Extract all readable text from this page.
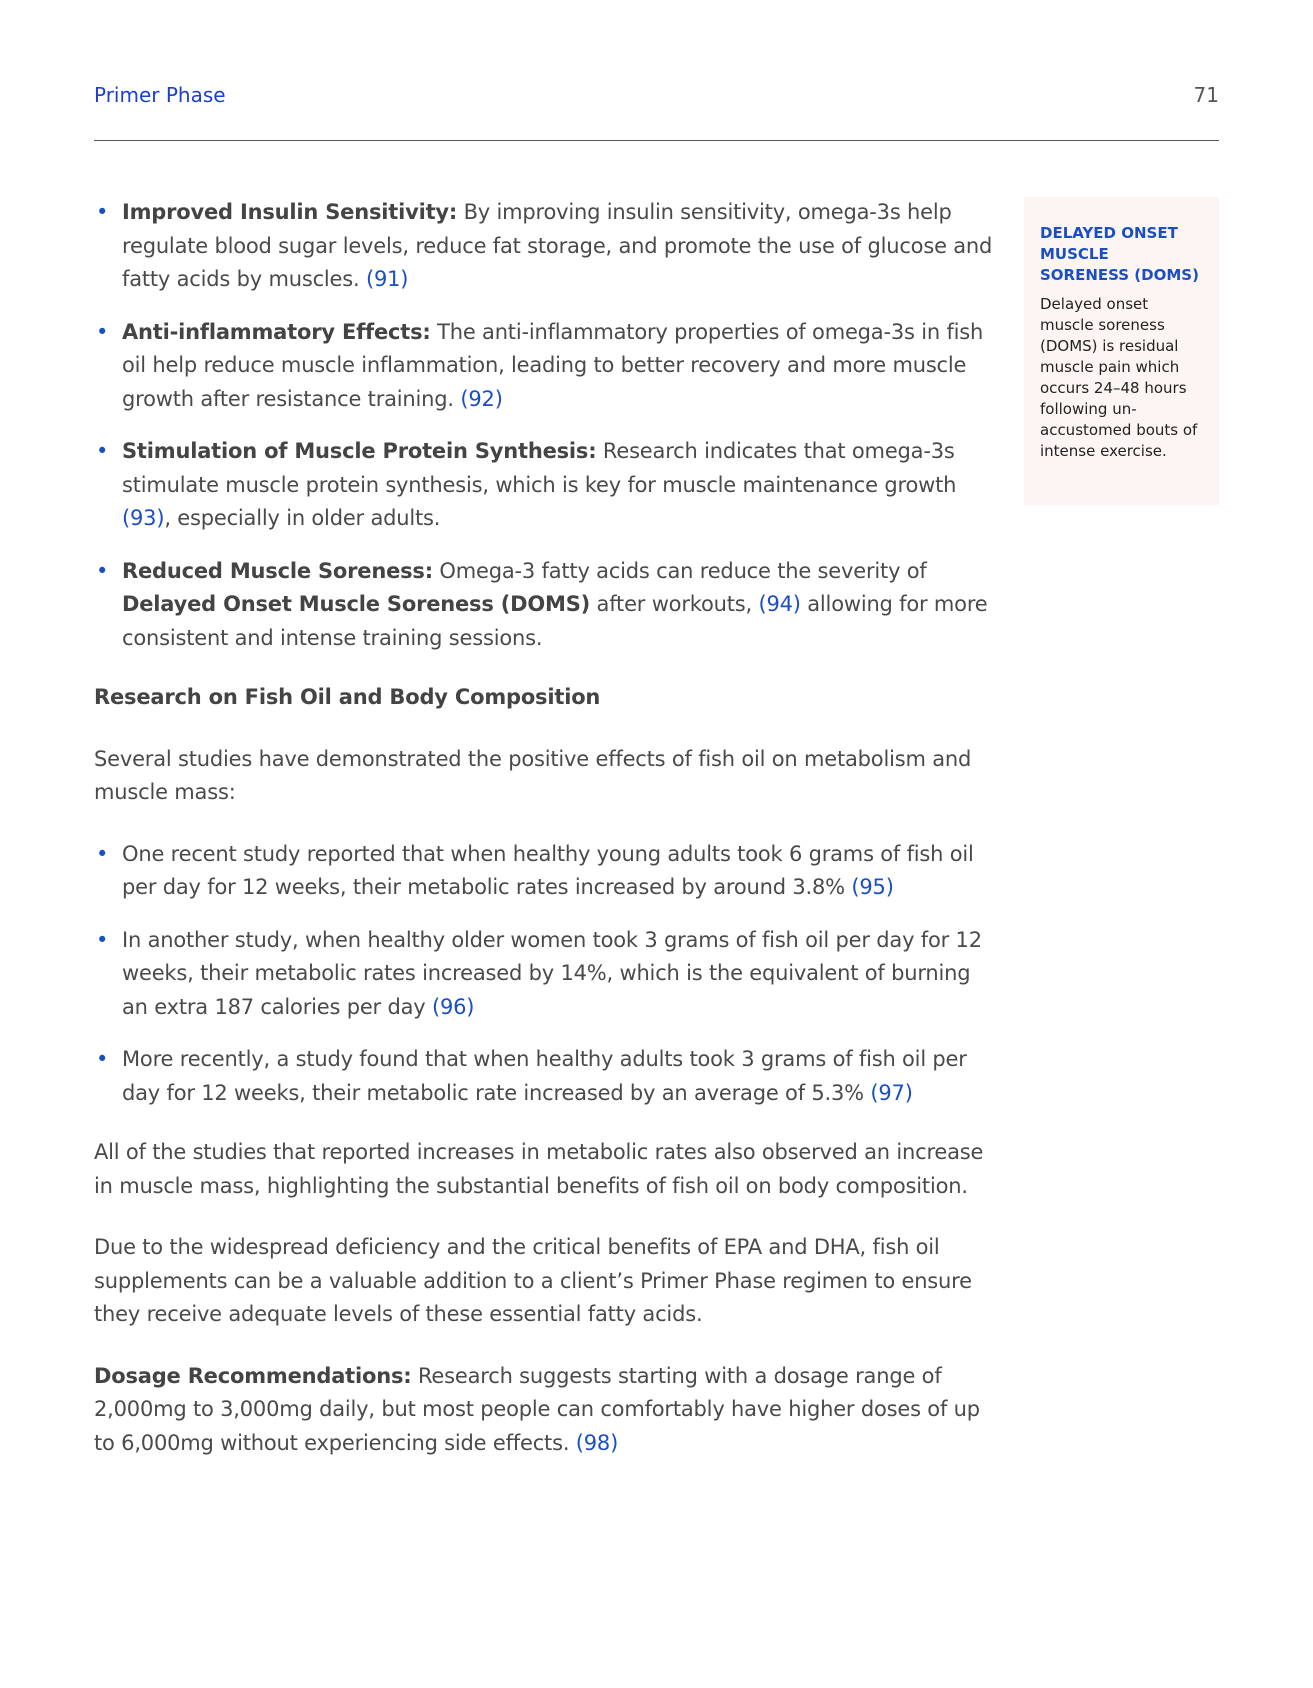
Primer Phase	71
• Improved Insulin Sensitivity: By improving insulin sensitivity, omega-3s help regulate blood sugar levels, reduce fat storage, and promote the use of glucose and fatty acids by muscles. (91)
• Anti-inflammatory Effects: The anti-inflammatory properties of omega-3s in fish oil help reduce muscle inflammation, leading to better recovery and more muscle growth after resistance training. (92)
• Stimulation of Muscle Protein Synthesis: Research indicates that omega-3s stimulate muscle protein synthesis, which is key for muscle maintenance growth (93), especially in older adults.
• Reduced Muscle Soreness: Omega-3 fatty acids can reduce the severity of Delayed Onset Muscle Soreness (DOMS) after workouts, (94) allowing for more consistent and intense training sessions.
Research on Fish Oil and Body Composition

Several studies have demonstrated the positive effects of fish oil on metabolism and muscle mass:

• One recent study reported that when healthy young adults took 6 grams of fish oil per day for 12 weeks, their metabolic rates increased by around 3.8% (95)
• In another study, when healthy older women took 3 grams of fish oil per day for 12 weeks, their metabolic rates increased by 14%, which is the equivalent of burning an extra 187 calories per day (96)
• More recently, a study found that when healthy adults took 3 grams of fish oil per day for 12 weeks, their metabolic rate increased by an average of 5.3% (97)

All of the studies that reported increases in metabolic rates also observed an increase in muscle mass, highlighting the substantial benefits of fish oil on body composition.

Due to the widespread deficiency and the critical benefits of EPA and DHA, fish oil supplements can be a valuable addition to a client’s Primer Phase regimen to ensure they receive adequate levels of these essential fatty acids.

Dosage Recommendations: Research suggests starting with a dosage range of 2,000mg to 3,000mg daily, but most people can comfortably have higher doses of up to 6,000mg without experiencing side effects. (98)

DELAYED ONSET MUSCLE SORENESS (DOMS)
Delayed onset muscle soreness (DOMS) is residual muscle pain which occurs 24–48 hours following un-accustomed bouts of intense exercise.
